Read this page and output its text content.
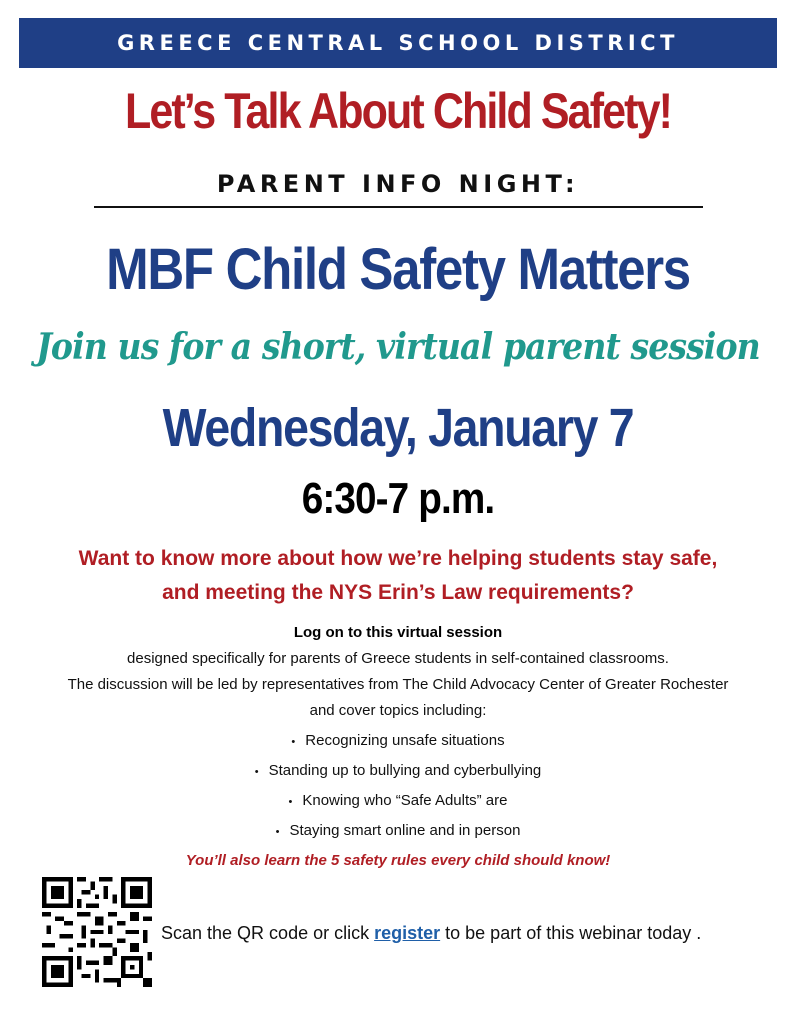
GREECE CENTRAL SCHOOL DISTRICT
Let’s Talk About Child Safety!
PARENT INFO NIGHT:
MBF Child Safety Matters
Join us for a short, virtual parent session
Wednesday, January 7
6:30-7 p.m.
Want to know more about how we’re helping students stay safe,
and meeting the NYS Erin’s Law requirements?
Log on to this virtual session
designed specifically for parents of Greece students in self-contained classrooms.
The discussion will be led by representatives from The Child Advocacy Center of Greater Rochester
and cover topics including:
• Recognizing unsafe situations
• Standing up to bullying and cyberbullying
• Knowing who “Safe Adults” are
• Staying smart online and in person
You’ll also learn the 5 safety rules every child should know!
Scan the QR code or click register to be part of this webinar today .
